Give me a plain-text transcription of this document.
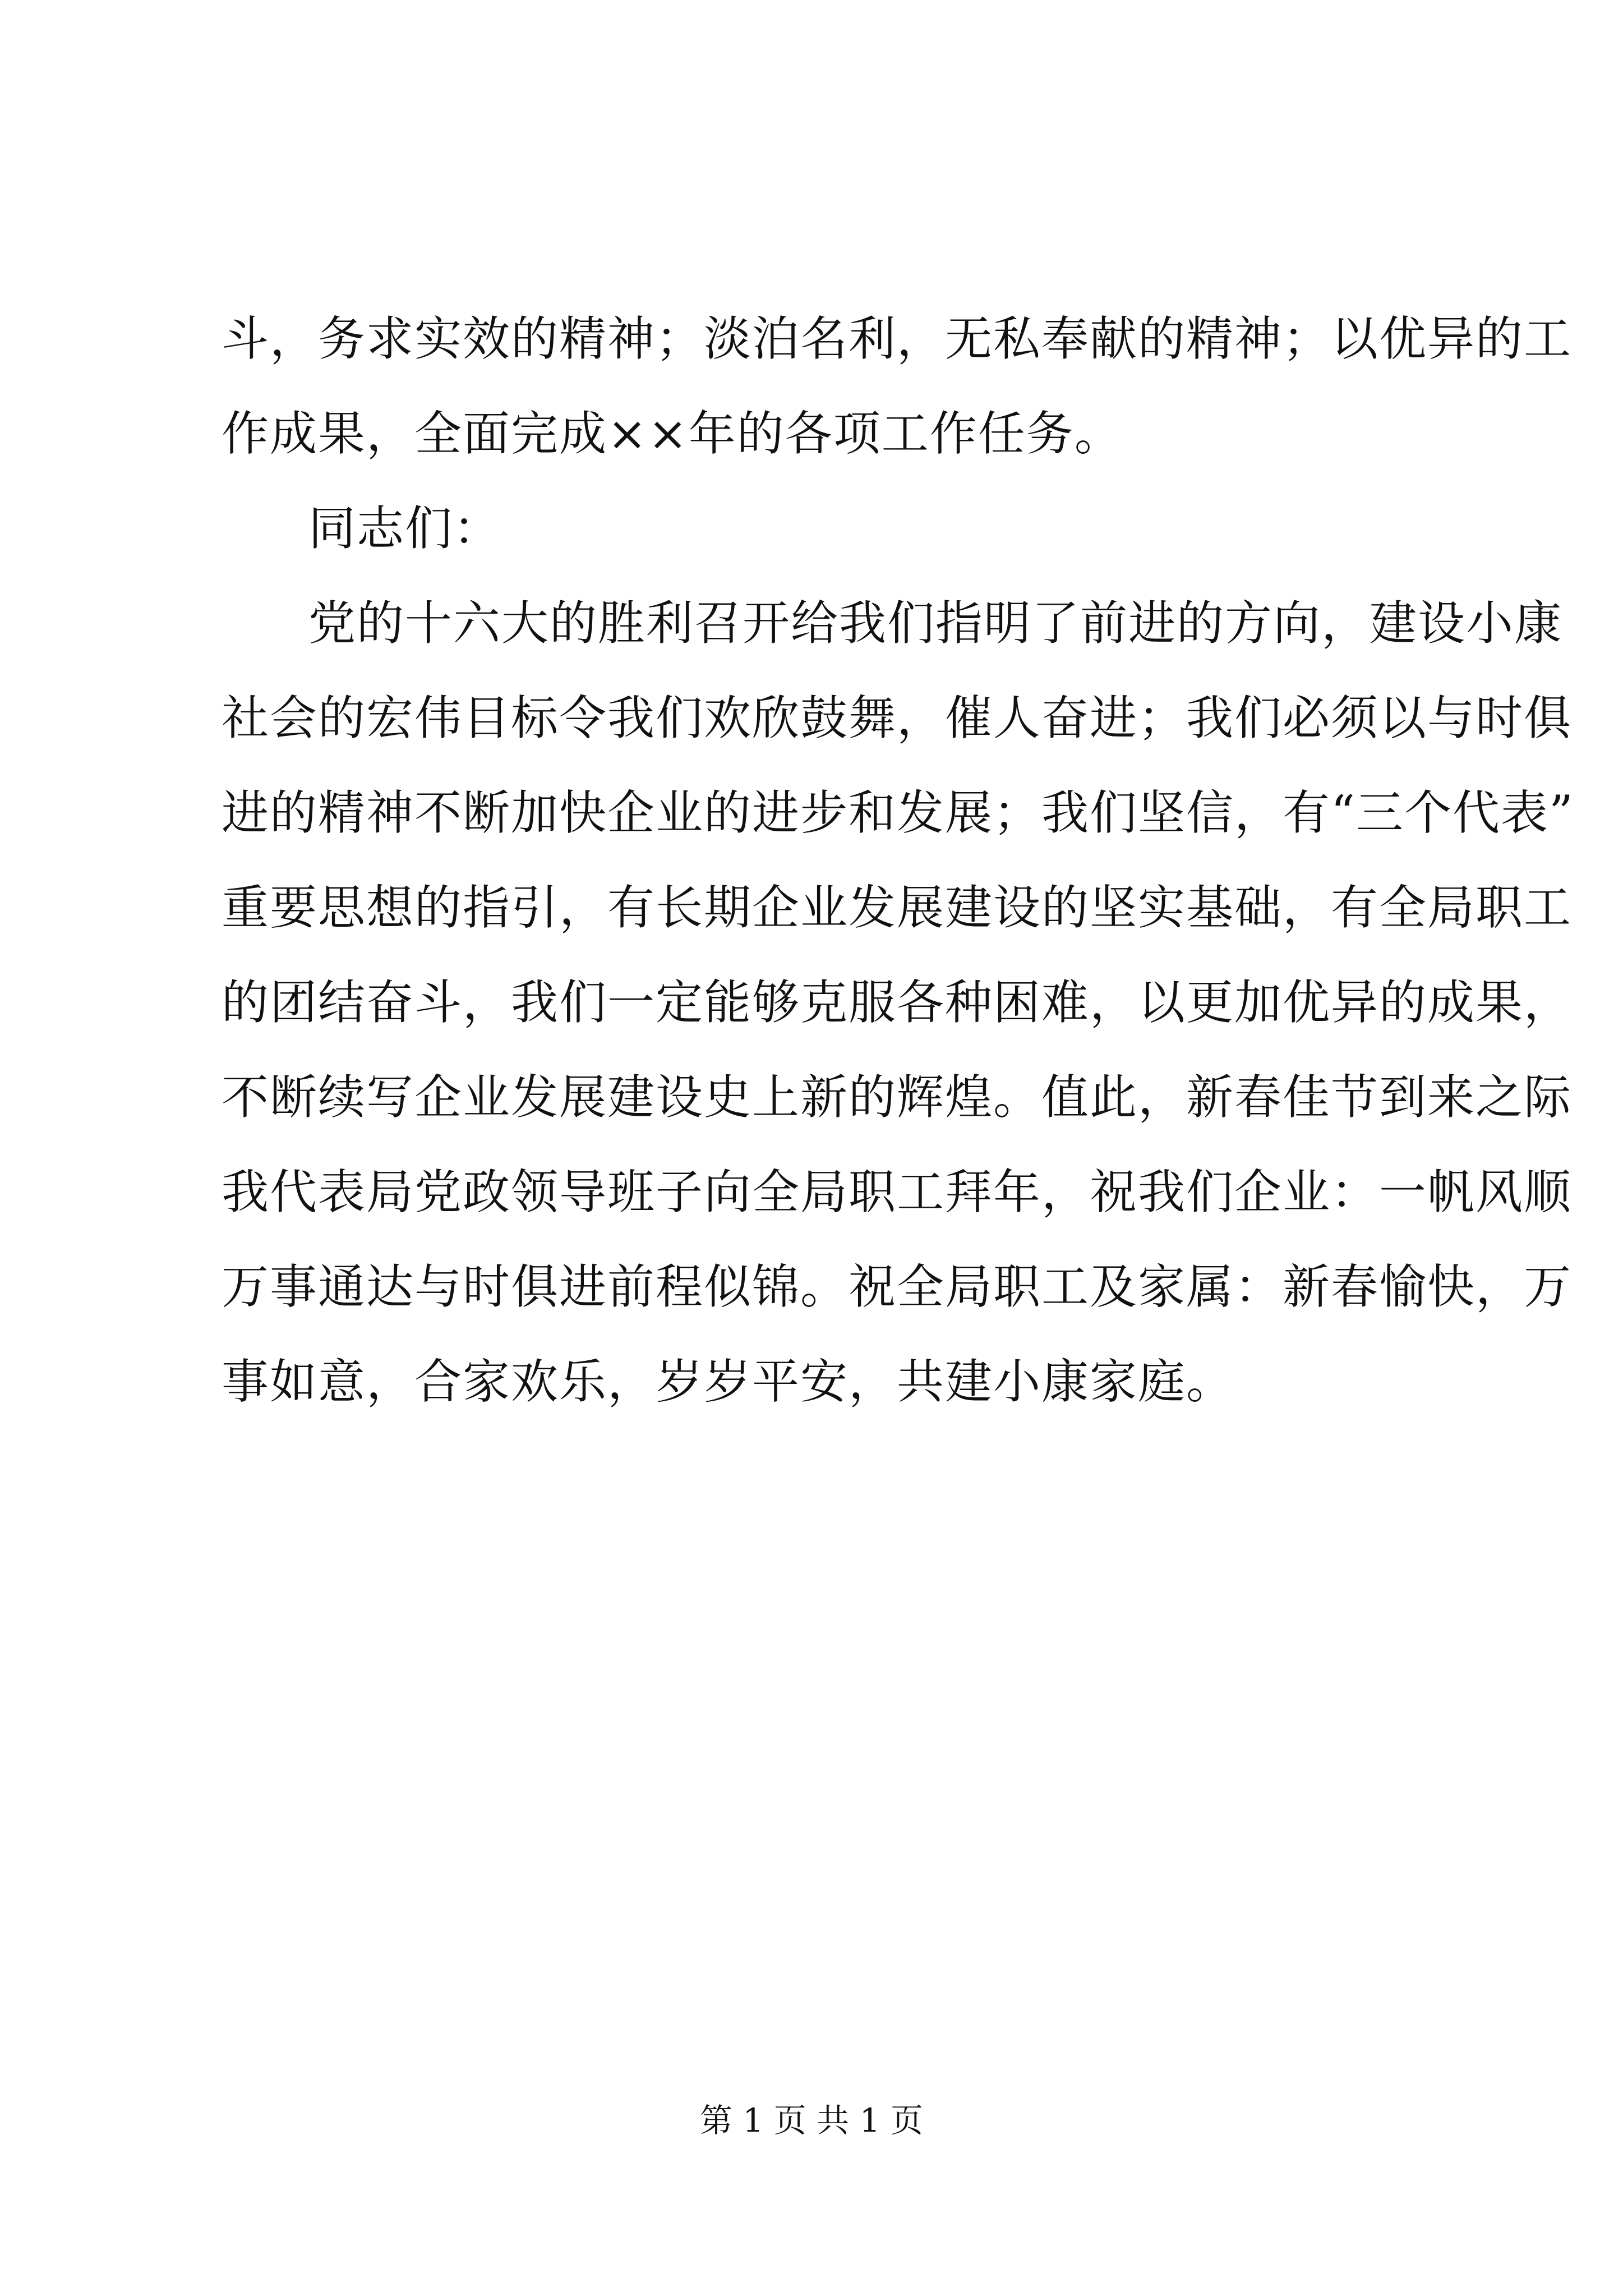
斗，务求实效的精神；淡泊名利，无私奉献的精神；以优异的工
作成果，全面完成××年的各项工作任务。
同志们：
党的十六大的胜利召开给我们指明了前进的方向，建设小康
社会的宏伟目标令我们欢欣鼓舞，催人奋进；我们必须以与时俱
进的精神不断加快企业的进步和发展；我们坚信，有“三个代表”
重要思想的指引，有长期企业发展建设的坚实基础，有全局职工
的团结奋斗，我们一定能够克服各种困难，以更加优异的成果，
不断续写企业发展建设史上新的辉煌。值此，新春佳节到来之际
我代表局党政领导班子向全局职工拜年，祝我们企业：一帆风顺
万事通达与时俱进前程似锦。祝全局职工及家属：新春愉快，万
事如意，合家欢乐，岁岁平安，共建小康家庭。
第 1 页 共 1 页
